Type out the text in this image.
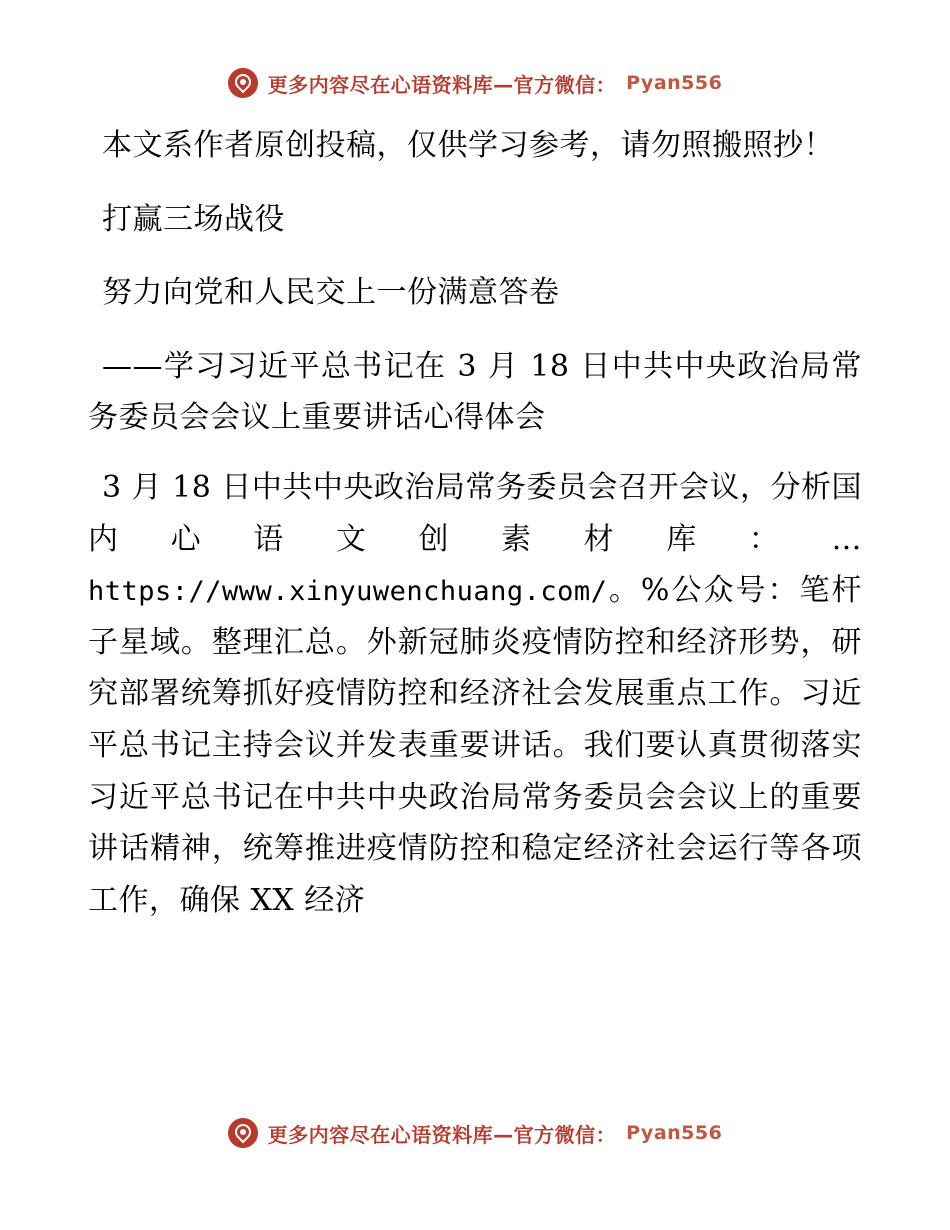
更多内容尽在心语资料库—官方微信： Pyan556

本文系作者原创投稿，仅供学习参考，请勿照搬照抄！

打赢三场战役

努力向党和人民交上一份满意答卷

——学习习近平总书记在 3 月 18 日中共中央政治局常务委员会会议上重要讲话心得体会

3 月 18 日中共中央政治局常务委员会召开会议，分析国内心语文创素材库：…https://www.xinyuwenchuang.com/。%公众号：笔杆子星域。整理汇总。外新冠肺炎疫情防控和经济形势，研究部署统筹抓好疫情防控和经济社会发展重点工作。习近平总书记主持会议并发表重要讲话。我们要认真贯彻落实习近平总书记在中共中央政治局常务委员会会议上的重要讲话精神，统筹推进疫情防控和稳定经济社会运行等各项工作，确保 XX 经济

更多内容尽在心语资料库—官方微信： Pyan556
